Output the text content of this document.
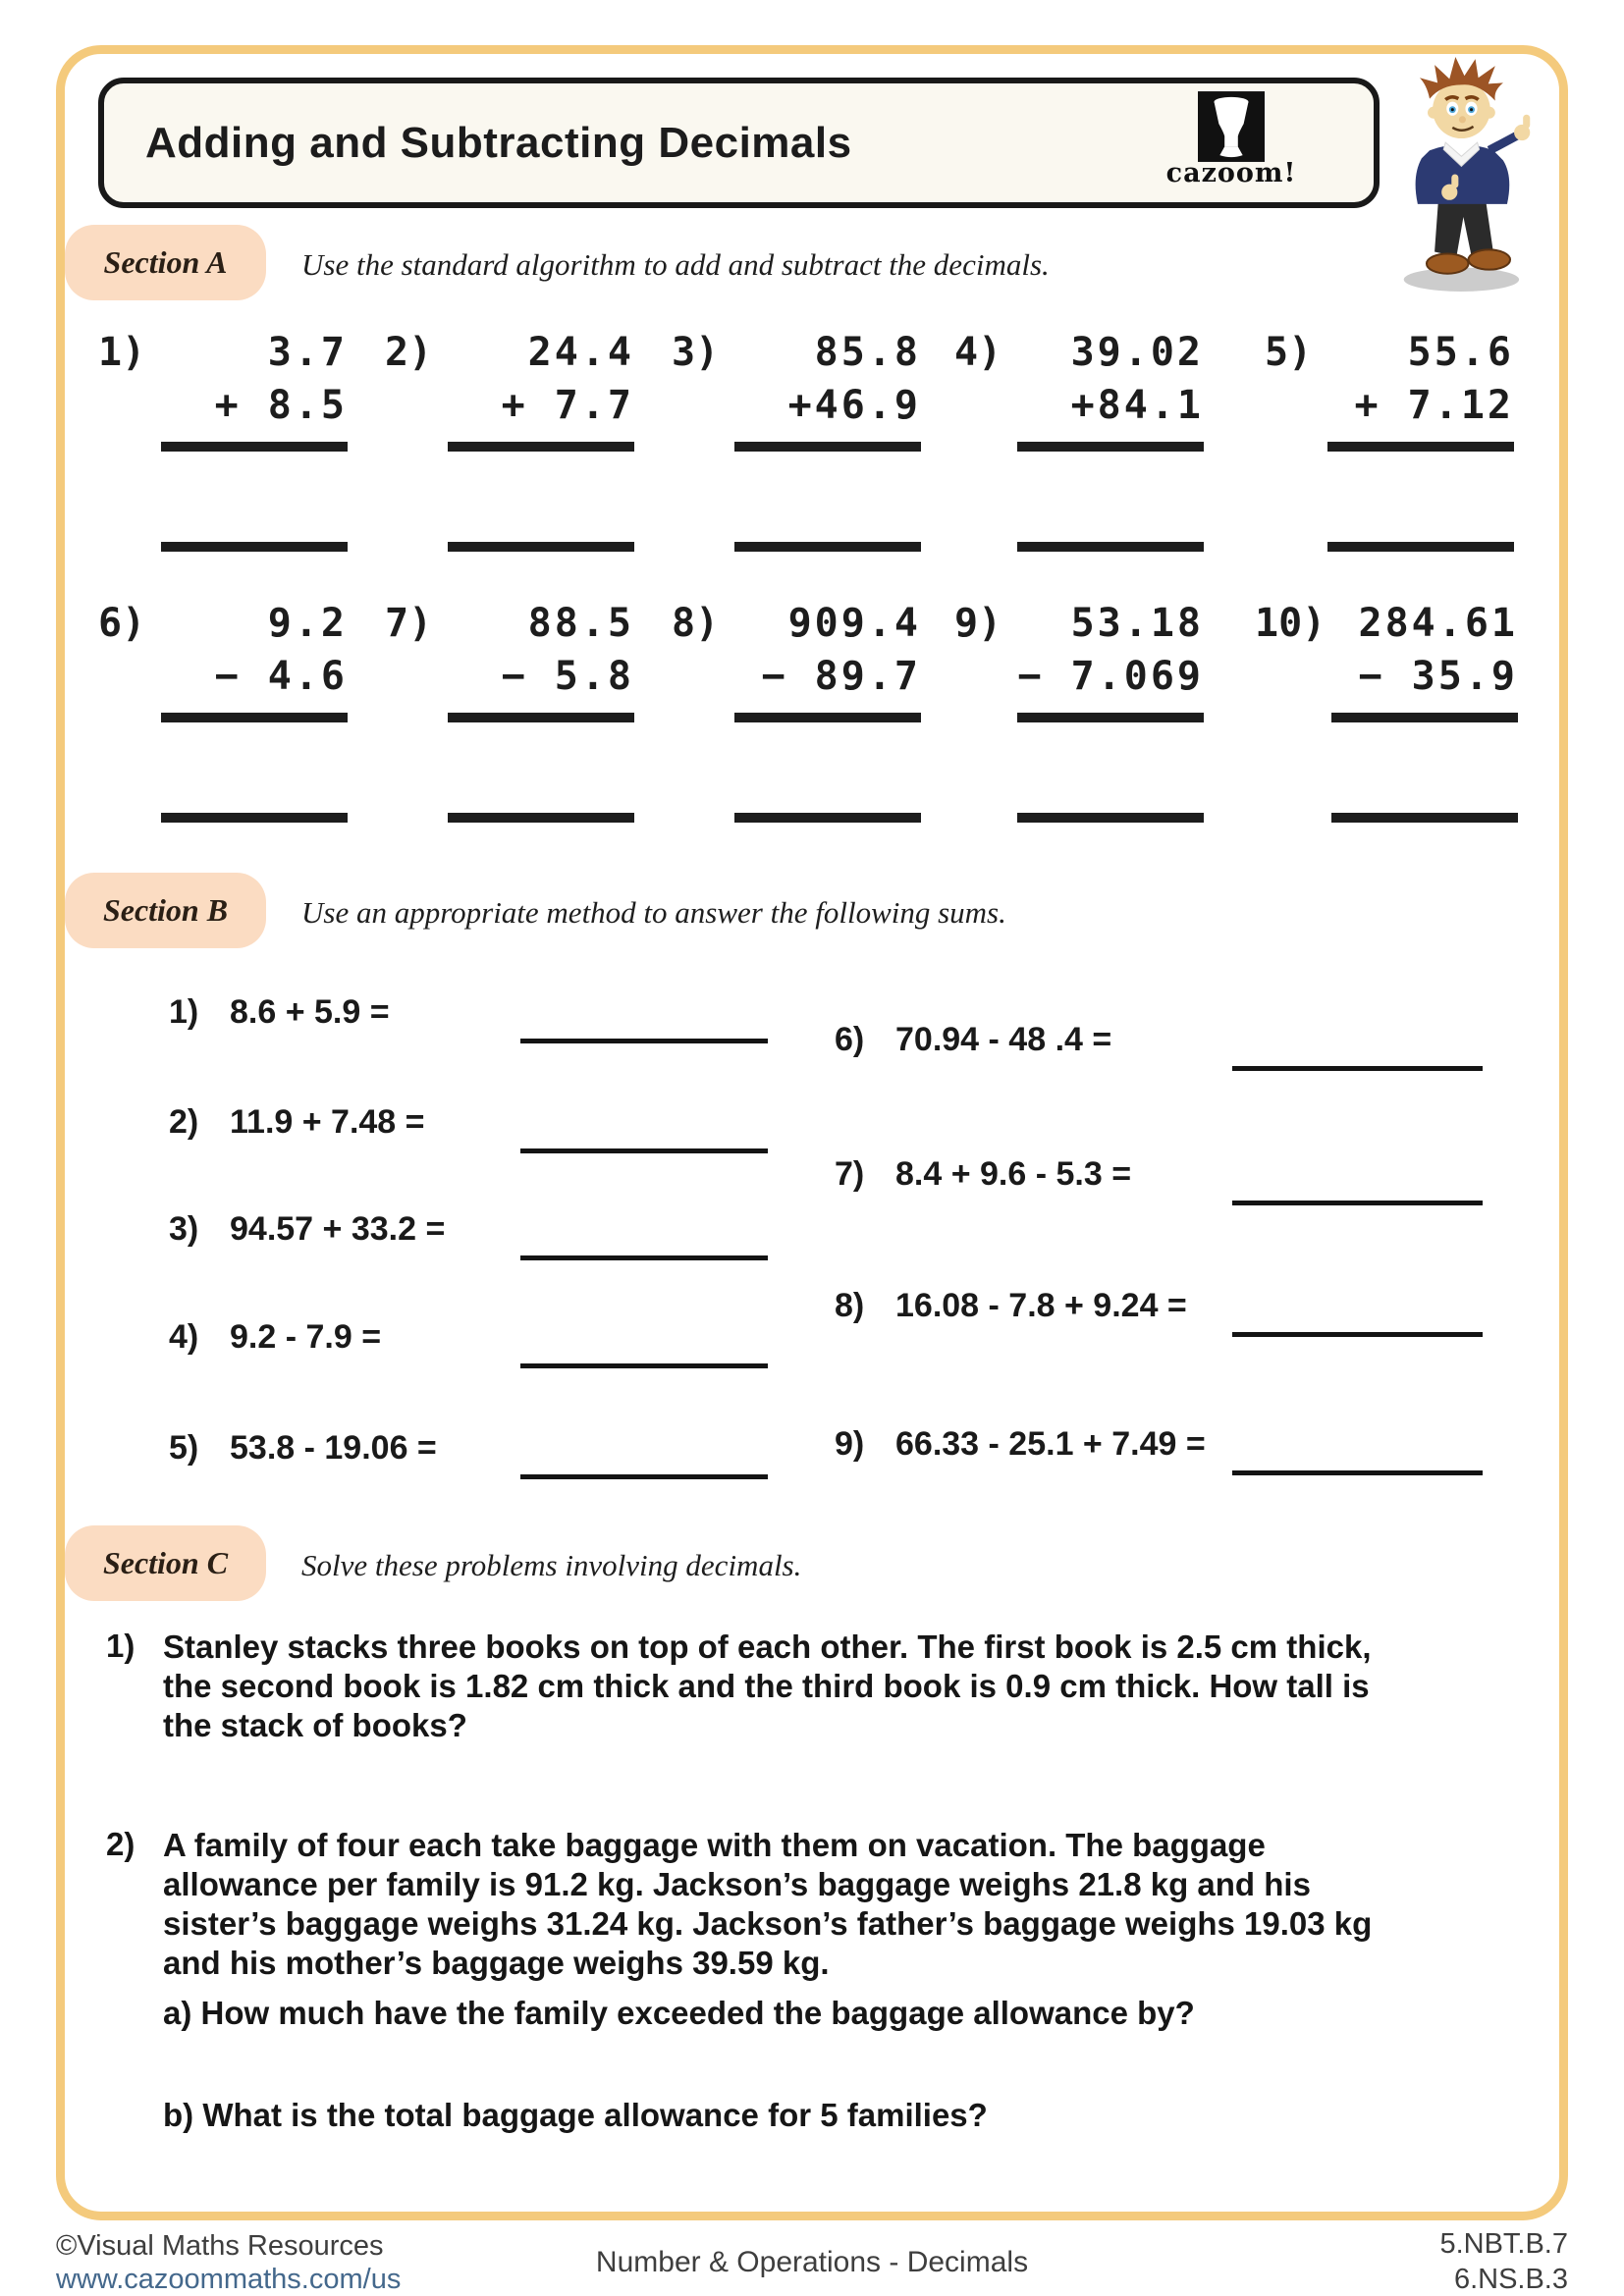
Adding and Subtracting Decimals
cazoom!
Section A Use the standard algorithm to add and subtract the decimals.
1)	3.7
+ 8.5
2)	24.4
+ 7.7
3)	85.8
+46.9
4)	39.02
+84.1
5)	55.6
+ 7.12
6)	9.2
− 4.6
7)	88.5
− 5.8
8)	909.4
− 89.7
9)	53.18
− 7.069
10) 284.61
− 35.9
Section B Use an appropriate method to answer the following sums.
1) 8.6 + 5.9 =
2) 11.9 + 7.48 =
3) 94.57 + 33.2 =
4) 9.2 - 7.9 =
5) 53.8 - 19.06 =
6) 70.94 - 48 .4 =
7) 8.4 + 9.6 - 5.3 =
8) 16.08 - 7.8 + 9.24 =
9) 66.33 - 25.1 + 7.49 =
Section C Solve these problems involving decimals.
1) Stanley stacks three books on top of each other. The first book is 2.5 cm thick,
the second book is 1.82 cm thick and the third book is 0.9 cm thick. How tall is
the stack of books?
2) A family of four each take baggage with them on vacation. The baggage
allowance per family is 91.2 kg. Jackson’s baggage weighs 21.8 kg and his
sister’s baggage weighs 31.24 kg. Jackson’s father’s baggage weighs 19.03 kg
and his mother’s baggage weighs 39.59 kg.
a) How much have the family exceeded the baggage allowance by?
b) What is the total baggage allowance for 5 families?
©Visual Maths Resources
www.cazoommaths.com/us
Number & Operations - Decimals
5.NBT.B.7
6.NS.B.3
